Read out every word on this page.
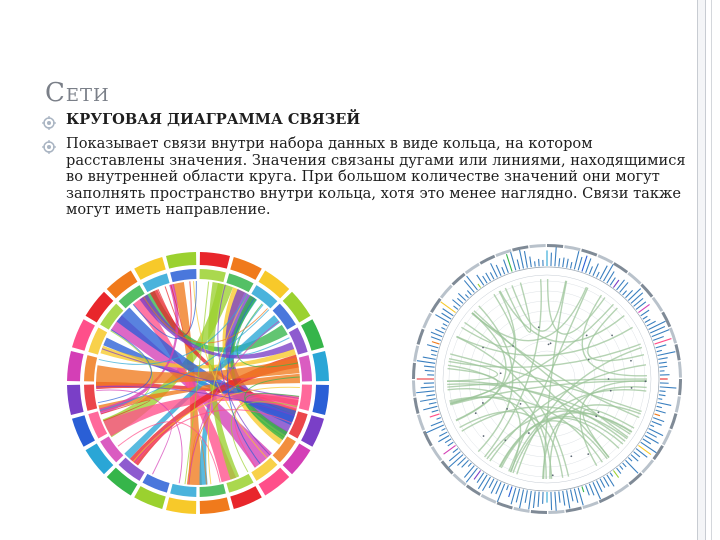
Сети
КРУГОВАЯ ДИАГРАММА СВЯЗЕЙ
Показывает связи внутри набора данных в виде кольца, на котором расставлены значения. Значения связаны дугами или линиями, находящимися во внутренней области круга. При большом количестве значений они могут заполнять пространство внутри кольца, хотя это менее наглядно. Связи также могут иметь направление.
